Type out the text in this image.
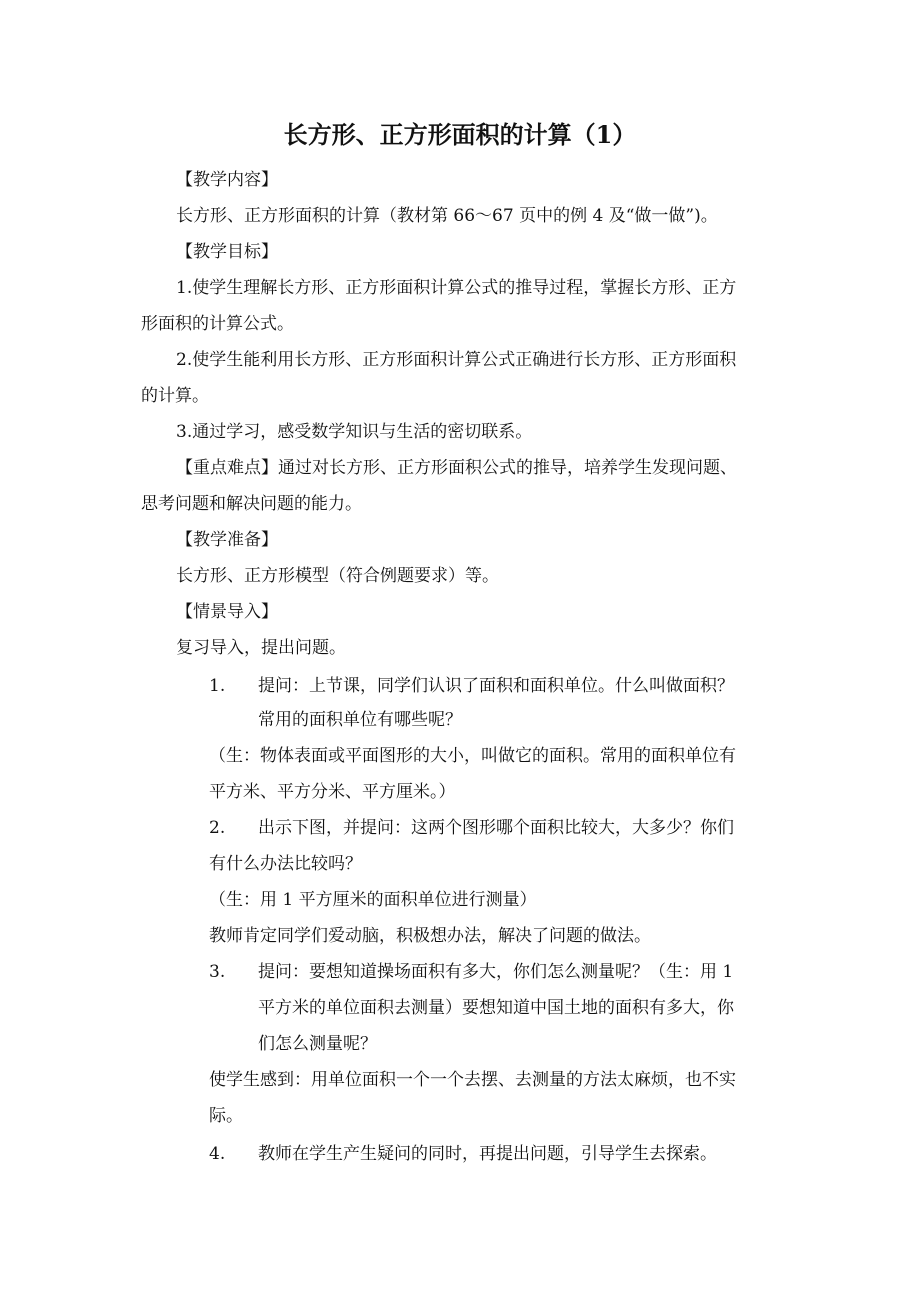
长方形、正方形面积的计算（1）
【教学内容】
长方形、正方形面积的计算（教材第 66～67 页中的例 4 及“做一做”)。
【教学目标】
1.使学生理解长方形、正方形面积计算公式的推导过程，掌握长方形、正方
形面积的计算公式。
2.使学生能利用长方形、正方形面积计算公式正确进行长方形、正方形面积
的计算。
3.通过学习，感受数学知识与生活的密切联系。
【重点难点】通过对长方形、正方形面积公式的推导，培养学生发现问题、
思考问题和解决问题的能力。
【教学准备】
长方形、正方形模型（符合例题要求）等。
【情景导入】
复习导入，提出问题。
1. 提问：上节课，同学们认识了面积和面积单位。什么叫做面积？
常用的面积单位有哪些呢？
（生：物体表面或平面图形的大小，叫做它的面积。常用的面积单位有
平方米、平方分米、平方厘米。）
2. 出示下图，并提问：这两个图形哪个面积比较大，大多少？你们
有什么办法比较吗？
（生：用 1 平方厘米的面积单位进行测量）
教师肯定同学们爱动脑，积极想办法，解决了问题的做法。
3. 提问：要想知道操场面积有多大，你们怎么测量呢？（生：用 1
平方米的单位面积去测量）要想知道中国土地的面积有多大，你
们怎么测量呢？
使学生感到：用单位面积一个一个去摆、去测量的方法太麻烦，也不实
际。
4. 教师在学生产生疑问的同时，再提出问题，引导学生去探索。
